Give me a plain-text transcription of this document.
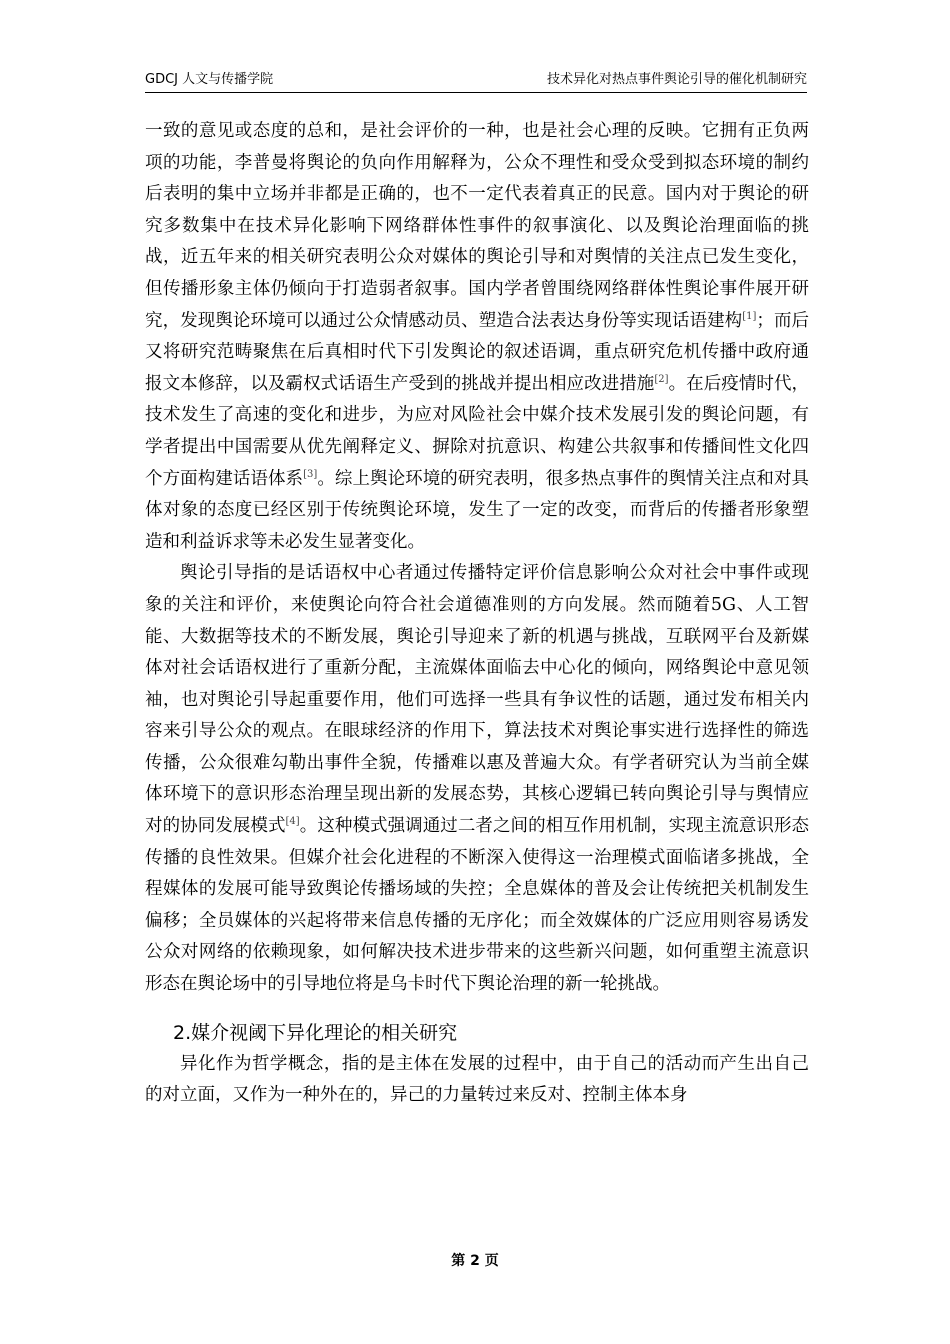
GDCJ 人文与传播学院	技术异化对热点事件舆论引导的催化机制研究

一致的意见或态度的总和，是社会评价的一种，也是社会心理的反映。它拥有正负两项的功能，李普曼将舆论的负向作用解释为，公众不理性和受众受到拟态环境的制约后表明的集中立场并非都是正确的，也不一定代表着真正的民意。国内对于舆论的研究多数集中在技术异化影响下网络群体性事件的叙事演化、以及舆论治理面临的挑战，近五年来的相关研究表明公众对媒体的舆论引导和对舆情的关注点已发生变化，但传播形象主体仍倾向于打造弱者叙事。国内学者曾围绕网络群体性舆论事件展开研究，发现舆论环境可以通过公众情感动员、塑造合法表达身份等实现话语建构[1]；而后又将研究范畴聚焦在后真相时代下引发舆论的叙述语调，重点研究危机传播中政府通报文本修辞，以及霸权式话语生产受到的挑战并提出相应改进措施[2]。在后疫情时代，技术发生了高速的变化和进步，为应对风险社会中媒介技术发展引发的舆论问题，有学者提出中国需要从优先阐释定义、摒除对抗意识、构建公共叙事和传播间性文化四个方面构建话语体系[3]。综上舆论环境的研究表明，很多热点事件的舆情关注点和对具体对象的态度已经区别于传统舆论环境，发生了一定的改变，而背后的传播者形象塑造和利益诉求等未必发生显著变化。

舆论引导指的是话语权中心者通过传播特定评价信息影响公众对社会中事件或现象的关注和评价，来使舆论向符合社会道德准则的方向发展。然而随着5G、人工智能、大数据等技术的不断发展，舆论引导迎来了新的机遇与挑战，互联网平台及新媒体对社会话语权进行了重新分配，主流媒体面临去中心化的倾向，网络舆论中意见领袖，也对舆论引导起重要作用，他们可选择一些具有争议性的话题，通过发布相关内容来引导公众的观点。在眼球经济的作用下，算法技术对舆论事实进行选择性的筛选传播，公众很难勾勒出事件全貌，传播难以惠及普遍大众。有学者研究认为当前全媒体环境下的意识形态治理呈现出新的发展态势，其核心逻辑已转向舆论引导与舆情应对的协同发展模式[4]。这种模式强调通过二者之间的相互作用机制，实现主流意识形态传播的良性效果。但媒介社会化进程的不断深入使得这一治理模式面临诸多挑战，全程媒体的发展可能导致舆论传播场域的失控；全息媒体的普及会让传统把关机制发生偏移；全员媒体的兴起将带来信息传播的无序化；而全效媒体的广泛应用则容易诱发公众对网络的依赖现象，如何解决技术进步带来的这些新兴问题，如何重塑主流意识形态在舆论场中的引导地位将是乌卡时代下舆论治理的新一轮挑战。

2.媒介视阈下异化理论的相关研究

异化作为哲学概念，指的是主体在发展的过程中，由于自己的活动而产生出自己的对立面，又作为一种外在的，异己的力量转过来反对、控制主体本身

第 2 页
